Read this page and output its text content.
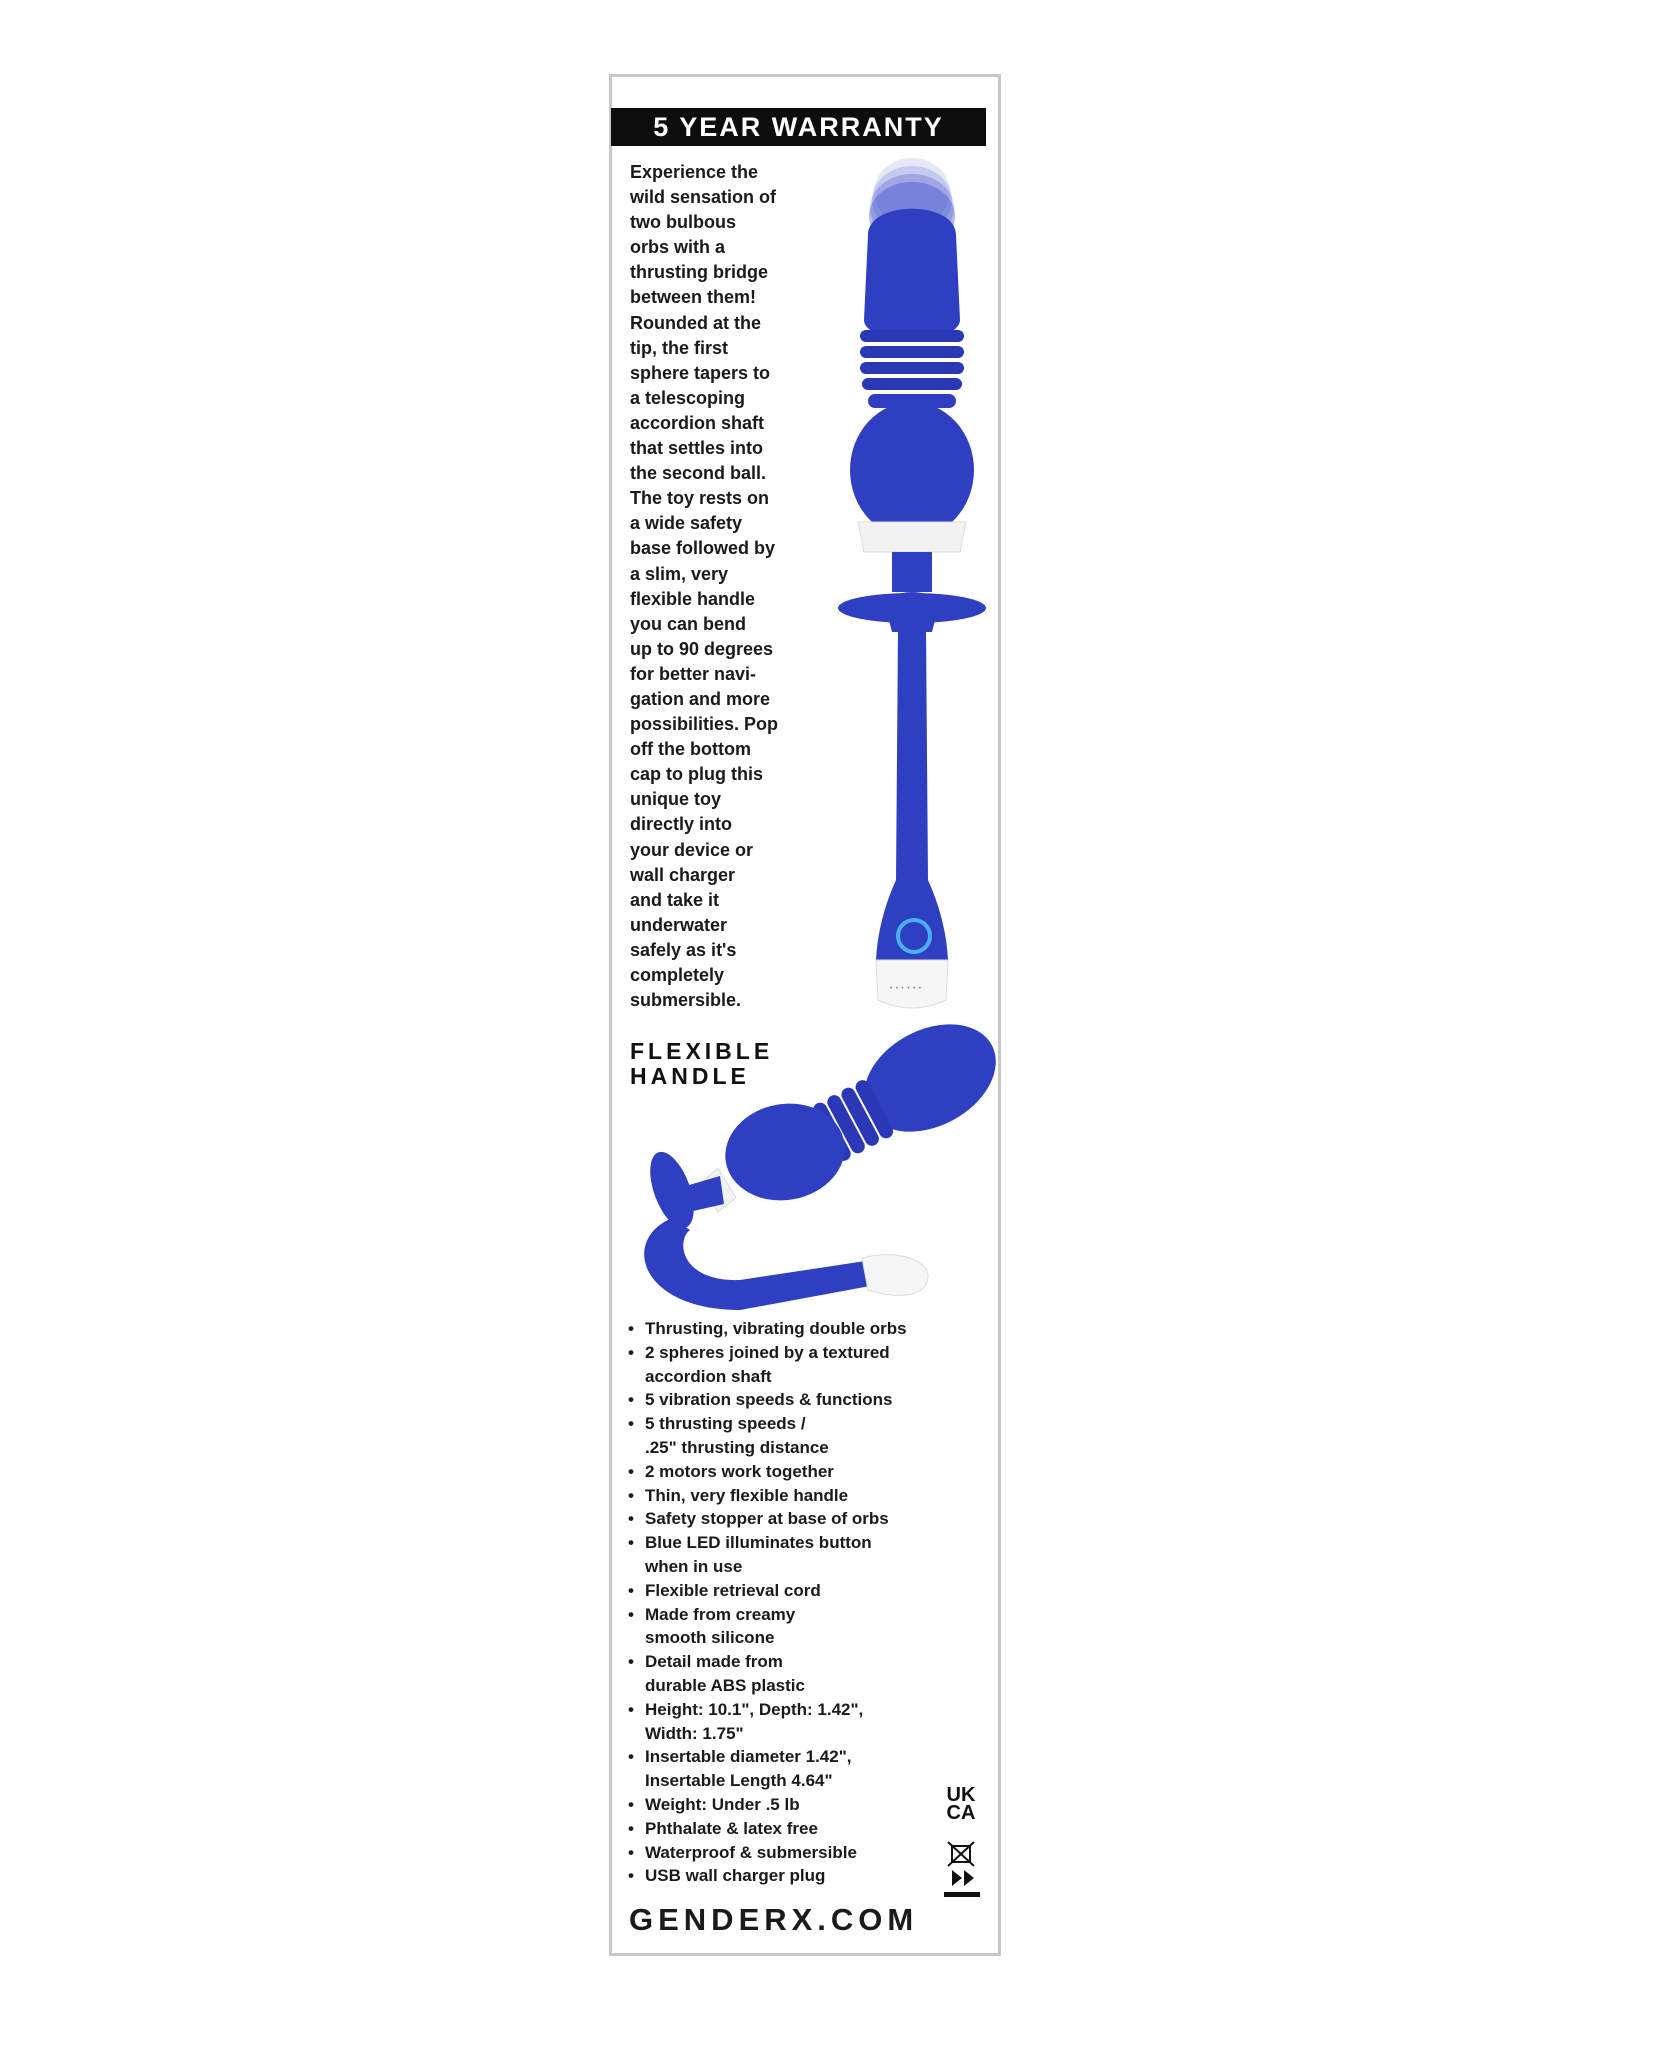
5 YEAR WARRANTY
Experience the
wild sensation of
two bulbous
orbs with a
thrusting bridge
between them!
Rounded at the
tip, the first
sphere tapers to
a telescoping
accordion shaft
that settles into
the second ball.
The toy rests on
a wide safety
base followed by
a slim, very
flexible handle
you can bend
up to 90 degrees
for better navi-
gation and more
possibilities. Pop
off the bottom
cap to plug this
unique toy
directly into
your device or
wall charger
and take it
underwater
safely as it's
completely
submersible.
• • • • • •
FLEXIBLE
HANDLE
• Thrusting, vibrating double orbs
• 2 spheres joined by a textured
accordion shaft
• 5 vibration speeds & functions
• 5 thrusting speeds /
.25" thrusting distance
• 2 motors work together
• Thin, very flexible handle
• Safety stopper at base of orbs
• Blue LED illuminates button
when in use
• Flexible retrieval cord
• Made from creamy
smooth silicone
• Detail made from
durable ABS plastic
• Height: 10.1", Depth: 1.42",
Width: 1.75"
• Insertable diameter 1.42",
Insertable Length 4.64"
• Weight: Under .5 lb
• Phthalate & latex free
• Waterproof & submersible
• USB wall charger plug
UK
CA
GENDERX.COM
